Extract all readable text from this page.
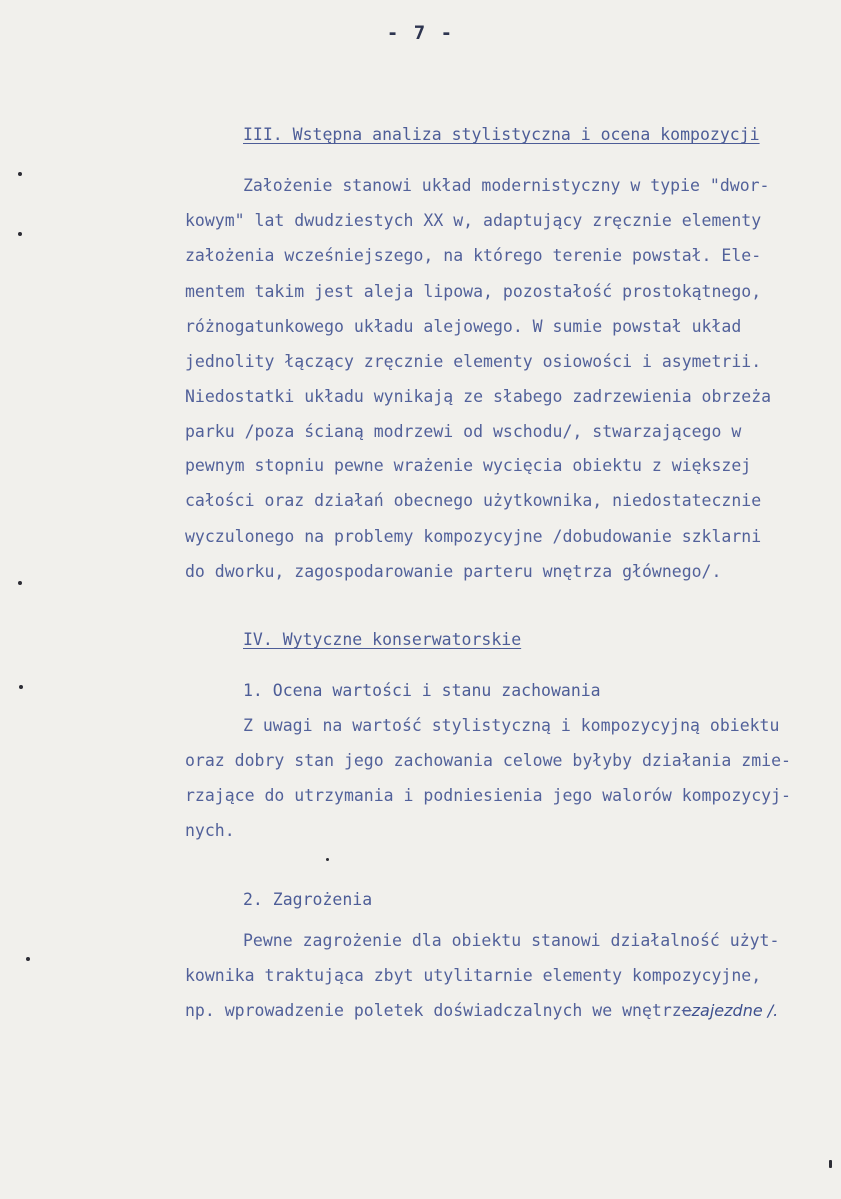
- 7 -
III. Wstępna analiza stylistyczna i ocena kompozycji
Założenie stanowi układ modernistyczny w typie "dwor-
kowym" lat dwudziestych XX w, adaptujący zręcznie elementy
założenia wcześniejszego, na którego terenie powstał. Ele-
mentem takim jest aleja lipowa, pozostałość prostokątnego,
różnogatunkowego układu alejowego. W sumie powstał układ
jednolity łączący zręcznie elementy osiowości i asymetrii.
Niedostatki układu wynikają ze słabego zadrzewienia obrzeża
parku /poza ścianą modrzewi od wschodu/, stwarzającego w
pewnym stopniu pewne wrażenie wycięcia obiektu z większej
całości oraz działań obecnego użytkownika, niedostatecznie
wyczulonego na problemy kompozycyjne /dobudowanie szklarni
do dworku, zagospodarowanie parteru wnętrza głównego/.
IV. Wytyczne konserwatorskie
1. Ocena wartości i stanu zachowania
Z uwagi na wartość stylistyczną i kompozycyjną obiektu
oraz dobry stan jego zachowania celowe byłyby działania zmie-
rzające do utrzymania i podniesienia jego walorów kompozycyj-
nych.
2. Zagrożenia
Pewne zagrożenie dla obiektu stanowi działalność użyt-
kownika traktująca zbyt utylitarnie elementy kompozycyjne,
np. wprowadzenie poletek doświadczalnych we wnętrzezajezdne /.
